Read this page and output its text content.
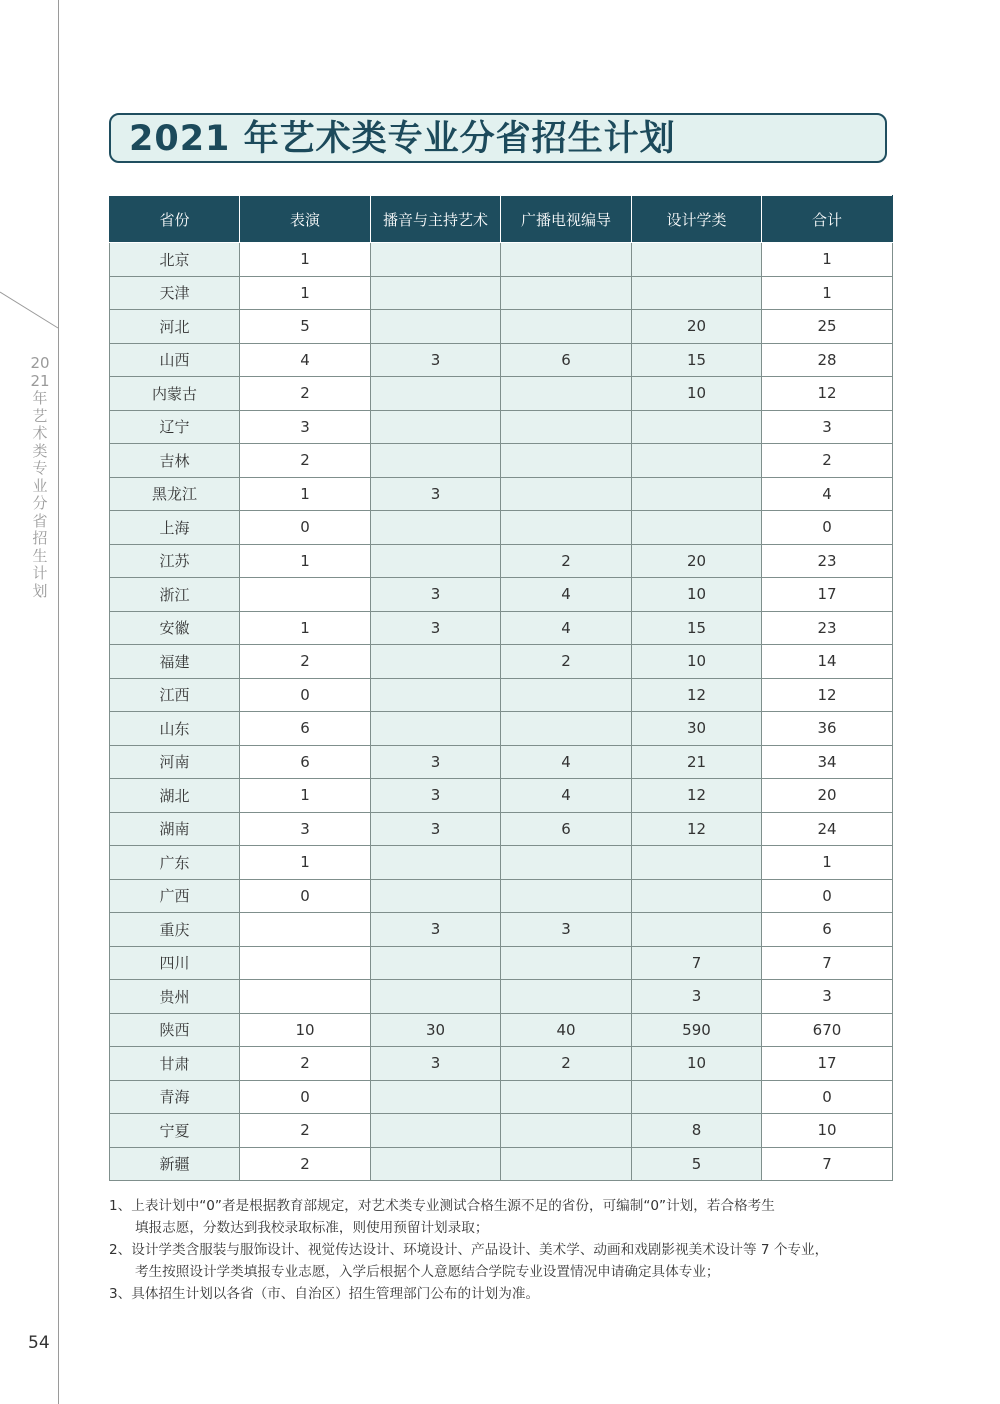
2021 年艺术类专业分省招生计划
54
2021 年艺术类专业分省招生计划
省份	表演	播音与主持艺术	广播电视编导	设计学类	合计
北京	1				1
天津	1				1
河北	5			20	25
山西	4	3	6	15	28
内蒙古	2			10	12
辽宁	3				3
吉林	2				2
黑龙江	1	3			4
上海	0				0
江苏	1		2	20	23
浙江		3	4	10	17
安徽	1	3	4	15	23
福建	2		2	10	14
江西	0			12	12
山东	6			30	36
河南	6	3	4	21	34
湖北	1	3	4	12	20
湖南	3	3	6	12	24
广东	1				1
广西	0				0
重庆		3	3		6
四川				7	7
贵州				3	3
陕西	10	30	40	590	670
甘肃	2	3	2	10	17
青海	0				0
宁夏	2			8	10
新疆	2			5	7

1、上表计划中“0”者是根据教育部规定，对艺术类专业测试合格生源不足的省份，可编制“0”计划，若合格考生

填报志愿，分数达到我校录取标准，则使用预留计划录取；

2、设计学类含服装与服饰设计、视觉传达设计、环境设计、产品设计、美术学、动画和戏剧影视美术设计等 7 个专业，

考生按照设计学类填报专业志愿，入学后根据个人意愿结合学院专业设置情况申请确定具体专业；

3、具体招生计划以各省（市、自治区）招生管理部门公布的计划为准。
